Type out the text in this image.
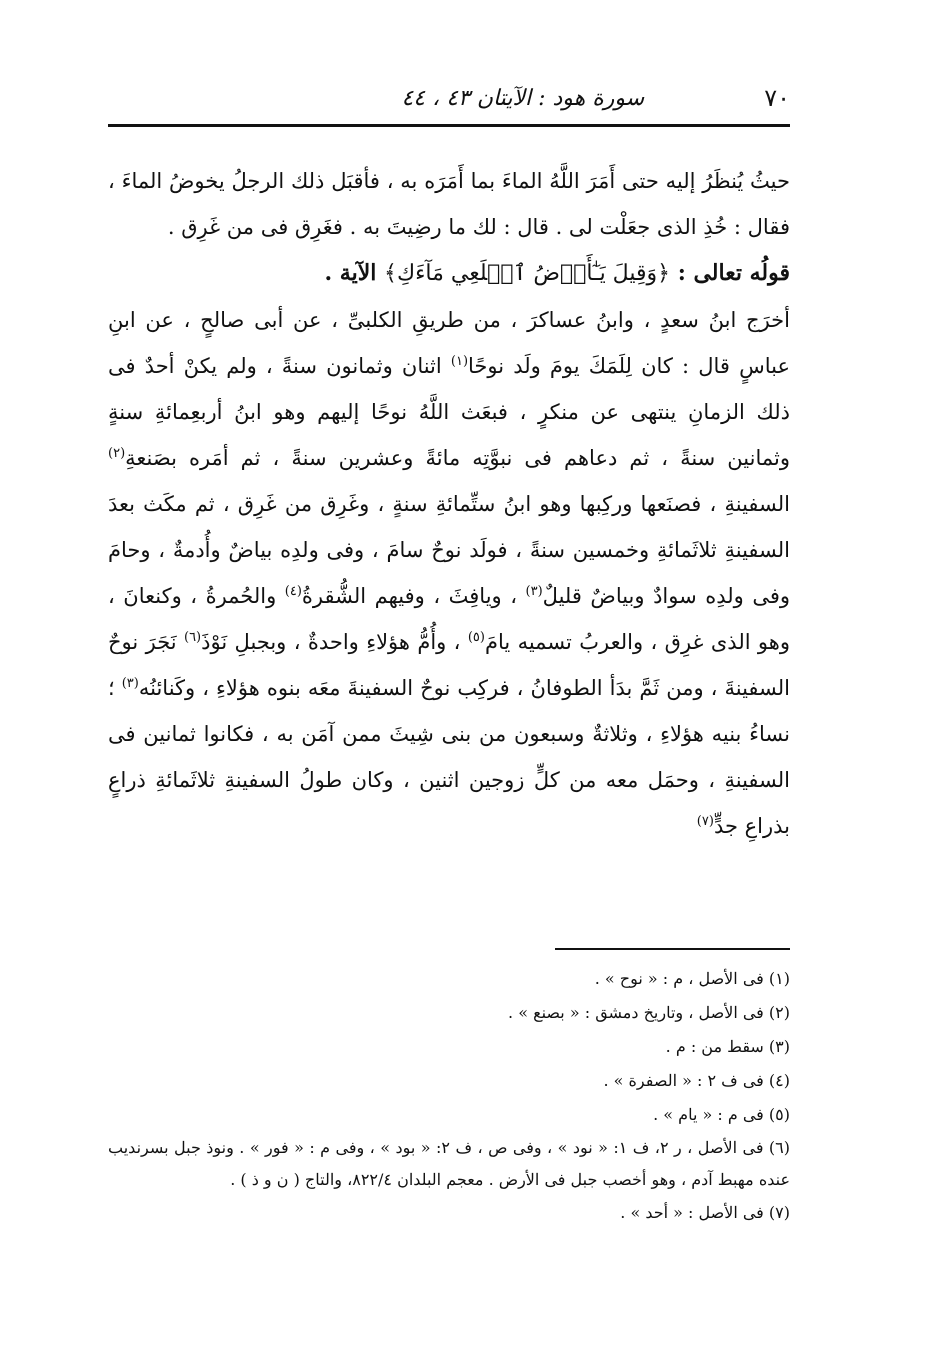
٧٠
سورة هود : الآيتان ٤٣ ، ٤٤

حيثُ يُنظَرُ إليه حتى أَمَرَ اللَّهُ الماءَ بما أَمَرَه به ، فأقبَل ذلك الرجلُ يخوضُ الماءَ ، فقال : خُذِ الذى جعَلْت لى . قال : لك ما رضِيتَ به . فغَرِق فى من غَرِق .

قولُه تعالى : ﴿وَقِيلَ يَـٰٓأَرۡضُ ٱبۡلَعِي مَآءَكِ﴾ الآية .

أخرَج ابنُ سعدٍ ، وابنُ عساكرَ ، من طريقِ الكلبىِّ ، عن أبى صالحٍ ، عن ابنِ عباسٍ قال : كان لِلَمَكَ يومَ ولَد نوحًا$^{(١)}$ اثنان وثمانون سنةً ، ولم يكنْ أحدٌ فى ذلك الزمانِ ينتهى عن منكرٍ ، فبعَث اللَّهُ نوحًا إليهم وهو ابنُ أربعِمائةِ سنةٍ وثمانين سنةً ، ثم دعاهم فى نبوَّتِه مائةً وعشرين سنةً ، ثم أمَره بصَنعةِ$^{(٢)}$ السفينةِ ، فصنَعها وركِبها وهو ابنُ ستِّمائةِ سنةٍ ، وغَرِق من غَرِق ، ثم مكَث بعدَ السفينةِ ثلاثَمائةِ وخمسين سنةً ، فولَد نوحٌ سامَ ، وفى ولدِه بياضٌ وأُدمةٌ ، وحامَ وفى ولدِه سوادٌ وبياضٌ قليلٌ$^{(٣)}$ ، ويافِثَ ، وفيهم الشُّقرةُ$^{(٤)}$ والحُمرةُ ، وكنعانَ ، وهو الذى غرِق ، والعربُ تسميه يامَ$^{(٥)}$ ، وأُمُّ هؤلاءِ واحدةٌ ، وبجبلِ نَوْذَ$^{(٦)}$ نَجَرَ نوحٌ السفينةَ ، ومن ثَمَّ بدَأ الطوفانُ ، فركِب نوحٌ السفينةَ معَه بنوه هؤلاءِ ، وكَنائنُه$^{(٣)}$ ؛ نساءُ بنيه هؤلاءِ ، وثلاثةٌ وسبعون من بنى شِيثَ ممن آمَن به ، فكانوا ثمانين فى السفينةِ ، وحمَل معه من كلٍّ زوجين اثنين ، وكان طولُ السفينةِ ثلاثَمائةِ ذراعٍ بذراعِ جدٍّ$^{(٧)}$

(١) فى الأصل ، م : « نوح » .

(٢) فى الأصل ، وتاريخ دمشق : « بصنع » .

(٣) سقط من : م .

(٤) فى ف ٢ : « الصفرة » .

(٥) فى م : « يام » .

(٦) فى الأصل ، ر ٢، ف ١: « نود » ، وفى ص ، ف ٢: « بود » ، وفى م : « فور » . ونوذ جبل بسرنديب عنده مهبط آدم ، وهو أخصب جبل فى الأرض . معجم البلدان ٨٢٢/٤، والتاج ( ن و ذ ) .

(٧) فى الأصل : « أحد » .
